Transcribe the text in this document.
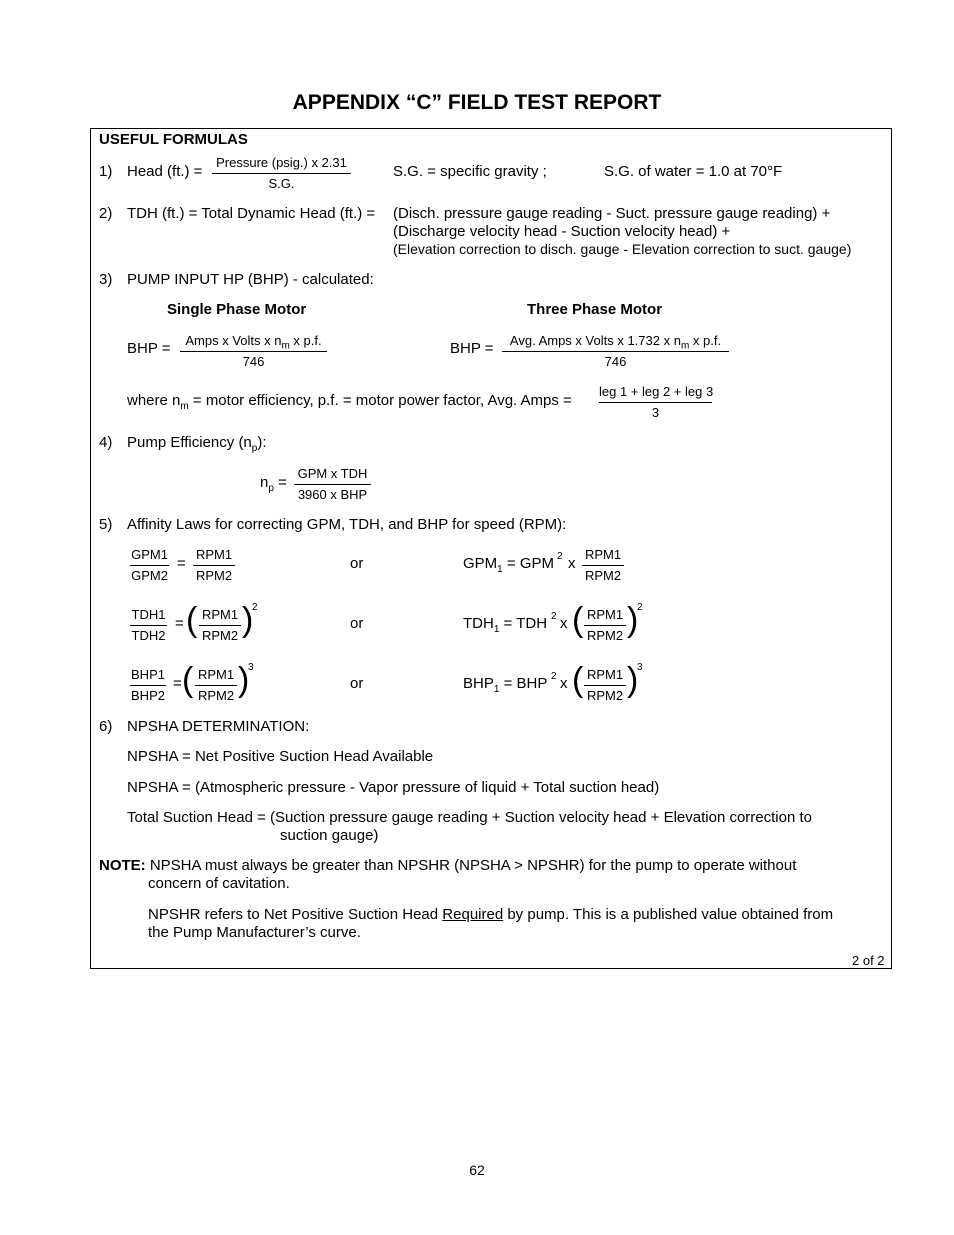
APPENDIX “C” FIELD TEST REPORT
USEFUL FORMULAS
1) Head (ft.) =
Pressure (psig.) x 2.31
S.G.
S.G. = specific gravity ;	S.G. of water = 1.0 at 70°F
2) TDH (ft.) = Total Dynamic Head (ft.) = (Disch. pressure gauge reading - Suct. pressure gauge reading) +
(Discharge velocity head - Suction velocity head) +
(Elevation correction to disch. gauge - Elevation correction to suct. gauge)
3) PUMP INPUT HP (BHP) - calculated:
Single Phase Motor	Three Phase Motor
BHP =	Amps x Volts x $n_m$ x p.f.
746
BHP =	Avg. Amps x Volts x 1.732 x $n_m$ x p.f.
746
where $n_m$ = motor efficiency, p.f. = motor power factor, Avg. Amps =
leg 1 + leg 2 + leg 3
3
4) Pump Efficiency $(n_p)$:
$n_p$ =
GPM x TDH
3960 x BHP
5) Affinity Laws for correcting GPM, TDH, and BHP for speed (RPM):
GPM1
GPM2
=
RPM1
RPM2
or	$GPM_1$ = GPM 2 x
RPM1
RPM2
TDH1
TDH2
= ( RPM1
RPM2 )
2
or	$TDH_1$ = TDH 2 x ( RPM1
RPM2 )
2
BHP1
BHP2
= ( RPM1
RPM2 )
3
or	$BHP_1$ = BHP 2 x ( RPM1
RPM2 )
3
6) NPSHA DETERMINATION:
NPSHA = Net Positive Suction Head Available
NPSHA = (Atmospheric pressure - Vapor pressure of liquid + Total suction head)
Total Suction Head = (Suction pressure gauge reading + Suction velocity head + Elevation correction to
suction gauge)
NOTE: NPSHA must always be greater than NPSHR (NPSHA > NPSHR) for the pump to operate without
concern of cavitation.
NPSHR refers to Net Positive Suction Head Required by pump. This is a published value obtained from
the Pump Manufacturer’s curve.
2 of 2
62
